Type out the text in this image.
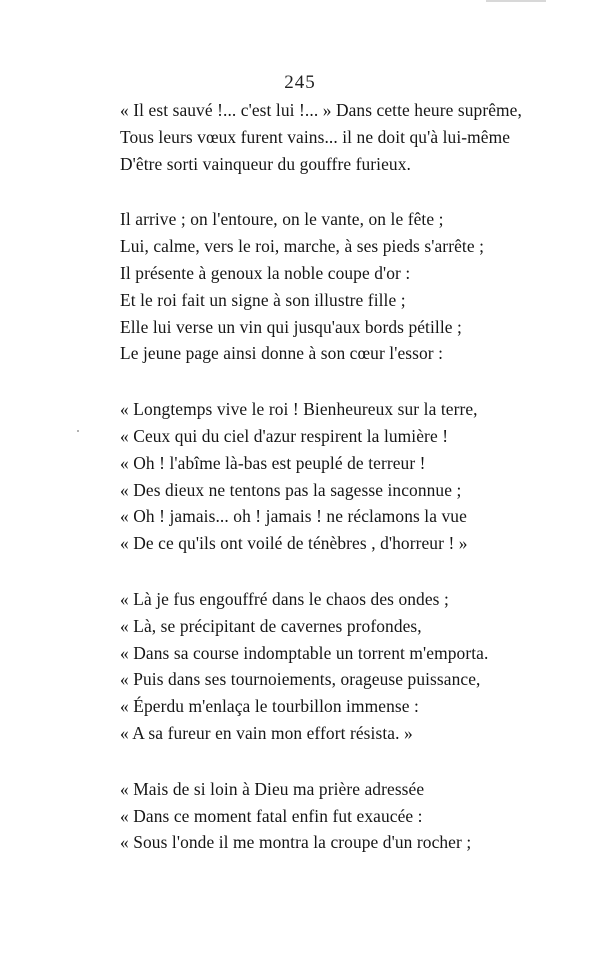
245
« Il est sauvé !... c'est lui !... » Dans cette heure suprême,
Tous leurs vœux furent vains... il ne doit qu'à lui-même
D'être sorti vainqueur du gouffre furieux.
Il arrive ; on l'entoure, on le vante, on le fête ;
Lui, calme, vers le roi, marche, à ses pieds s'arrête ;
Il présente à genoux la noble coupe d'or :
Et le roi fait un signe à son illustre fille ;
Elle lui verse un vin qui jusqu'aux bords pétille ;
Le jeune page ainsi donne à son cœur l'essor :
« Longtemps vive le roi ! Bienheureux sur la terre,
« Ceux qui du ciel d'azur respirent la lumière !
« Oh ! l'abîme là-bas est peuplé de terreur !
« Des dieux ne tentons pas la sagesse inconnue ;
« Oh ! jamais... oh ! jamais ! ne réclamons la vue
« De ce qu'ils ont voilé de ténèbres , d'horreur ! »
« Là je fus engouffré dans le chaos des ondes ;
« Là, se précipitant de cavernes profondes,
« Dans sa course indomptable un torrent m'emporta.
« Puis dans ses tournoiements, orageuse puissance,
« Éperdu m'enlaça le tourbillon immense :
« A sa fureur en vain mon effort résista. »
« Mais de si loin à Dieu ma prière adressée
« Dans ce moment fatal enfin fut exaucée :
« Sous l'onde il me montra la croupe d'un rocher ;
